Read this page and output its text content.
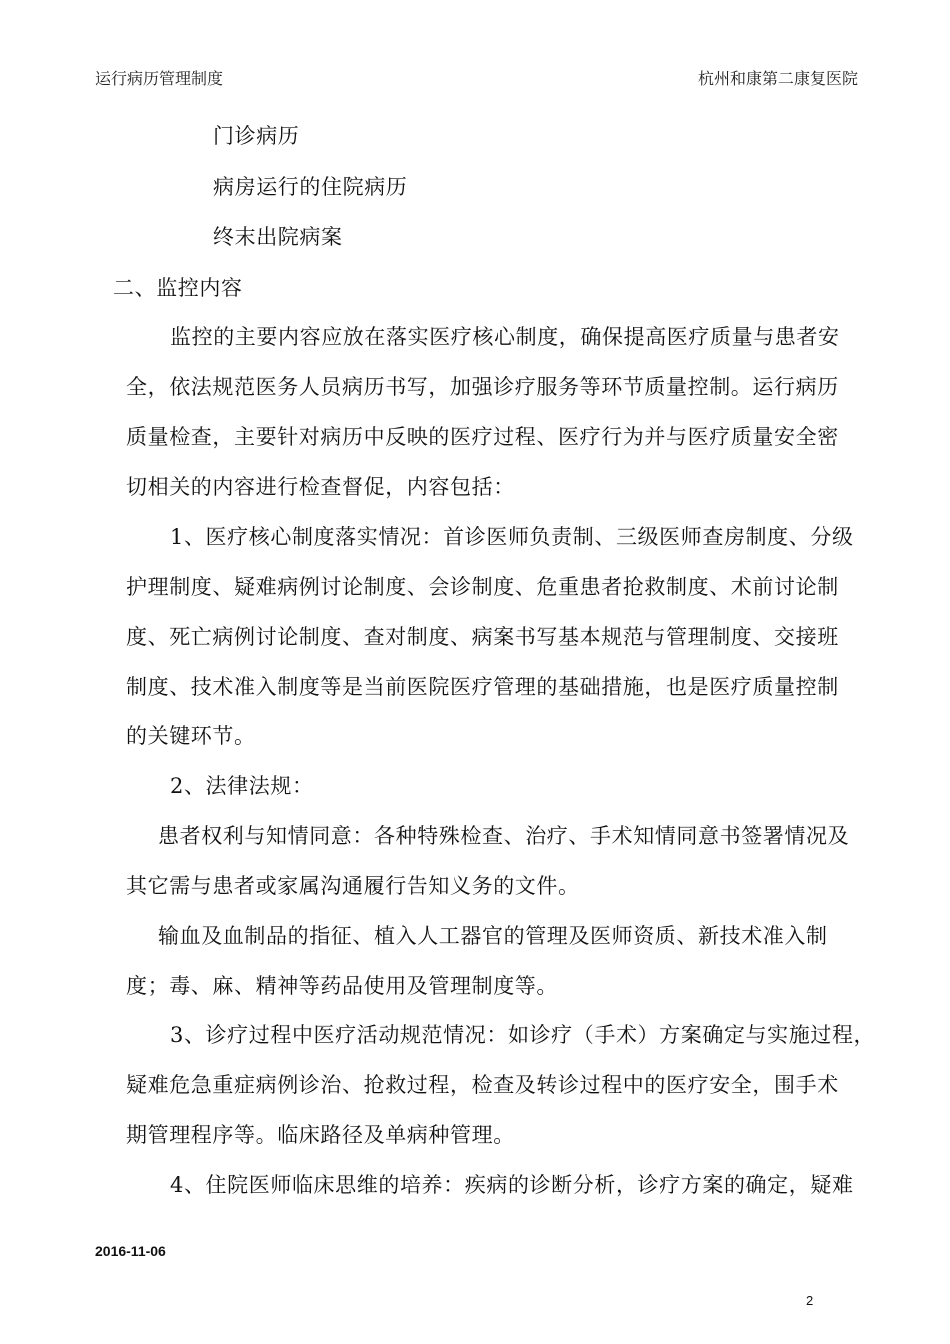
运行病历管理制度	杭州和康第二康复医院
门诊病历
病房运行的住院病历
终末出院病案
二、监控内容
监控的主要内容应放在落实医疗核心制度，确保提高医疗质量与患者安
全，依法规范医务人员病历书写，加强诊疗服务等环节质量控制。运行病历
质量检查，主要针对病历中反映的医疗过程、医疗行为并与医疗质量安全密
切相关的内容进行检查督促，内容包括：
1、医疗核心制度落实情况：首诊医师负责制、三级医师查房制度、分级
护理制度、疑难病例讨论制度、会诊制度、危重患者抢救制度、术前讨论制
度、死亡病例讨论制度、查对制度、病案书写基本规范与管理制度、交接班
制度、技术准入制度等是当前医院医疗管理的基础措施，也是医疗质量控制
的关键环节。
2、法律法规：
患者权利与知情同意：各种特殊检查、治疗、手术知情同意书签署情况及
其它需与患者或家属沟通履行告知义务的文件。
输血及血制品的指征、植入人工器官的管理及医师资质、新技术准入制
度；毒、麻、精神等药品使用及管理制度等。
3、诊疗过程中医疗活动规范情况：如诊疗（手术）方案确定与实施过程，
疑难危急重症病例诊治、抢救过程，检查及转诊过程中的医疗安全，围手术
期管理程序等。临床路径及单病种管理。
4、住院医师临床思维的培养：疾病的诊断分析，诊疗方案的确定，疑难
2016-11-06
2
